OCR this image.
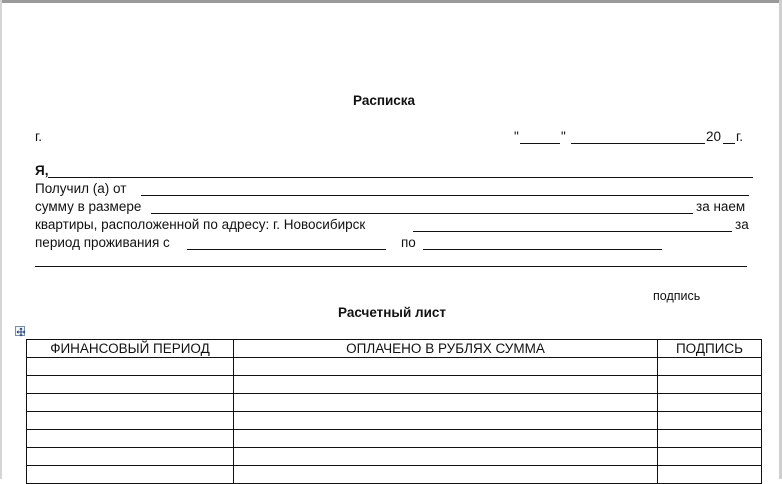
Расписка
г.	"	"	20 г.
Я,
Получил (а) от
сумму в размере	за наем
квартиры, расположенной по адресу: г. Новосибирск	за
период проживания с	по
подпись
Расчетный лист
ФИНАНСОВЫЙ ПЕРИОД	ОПЛАЧЕНО В РУБЛЯХ СУММА	ПОДПИСЬ
